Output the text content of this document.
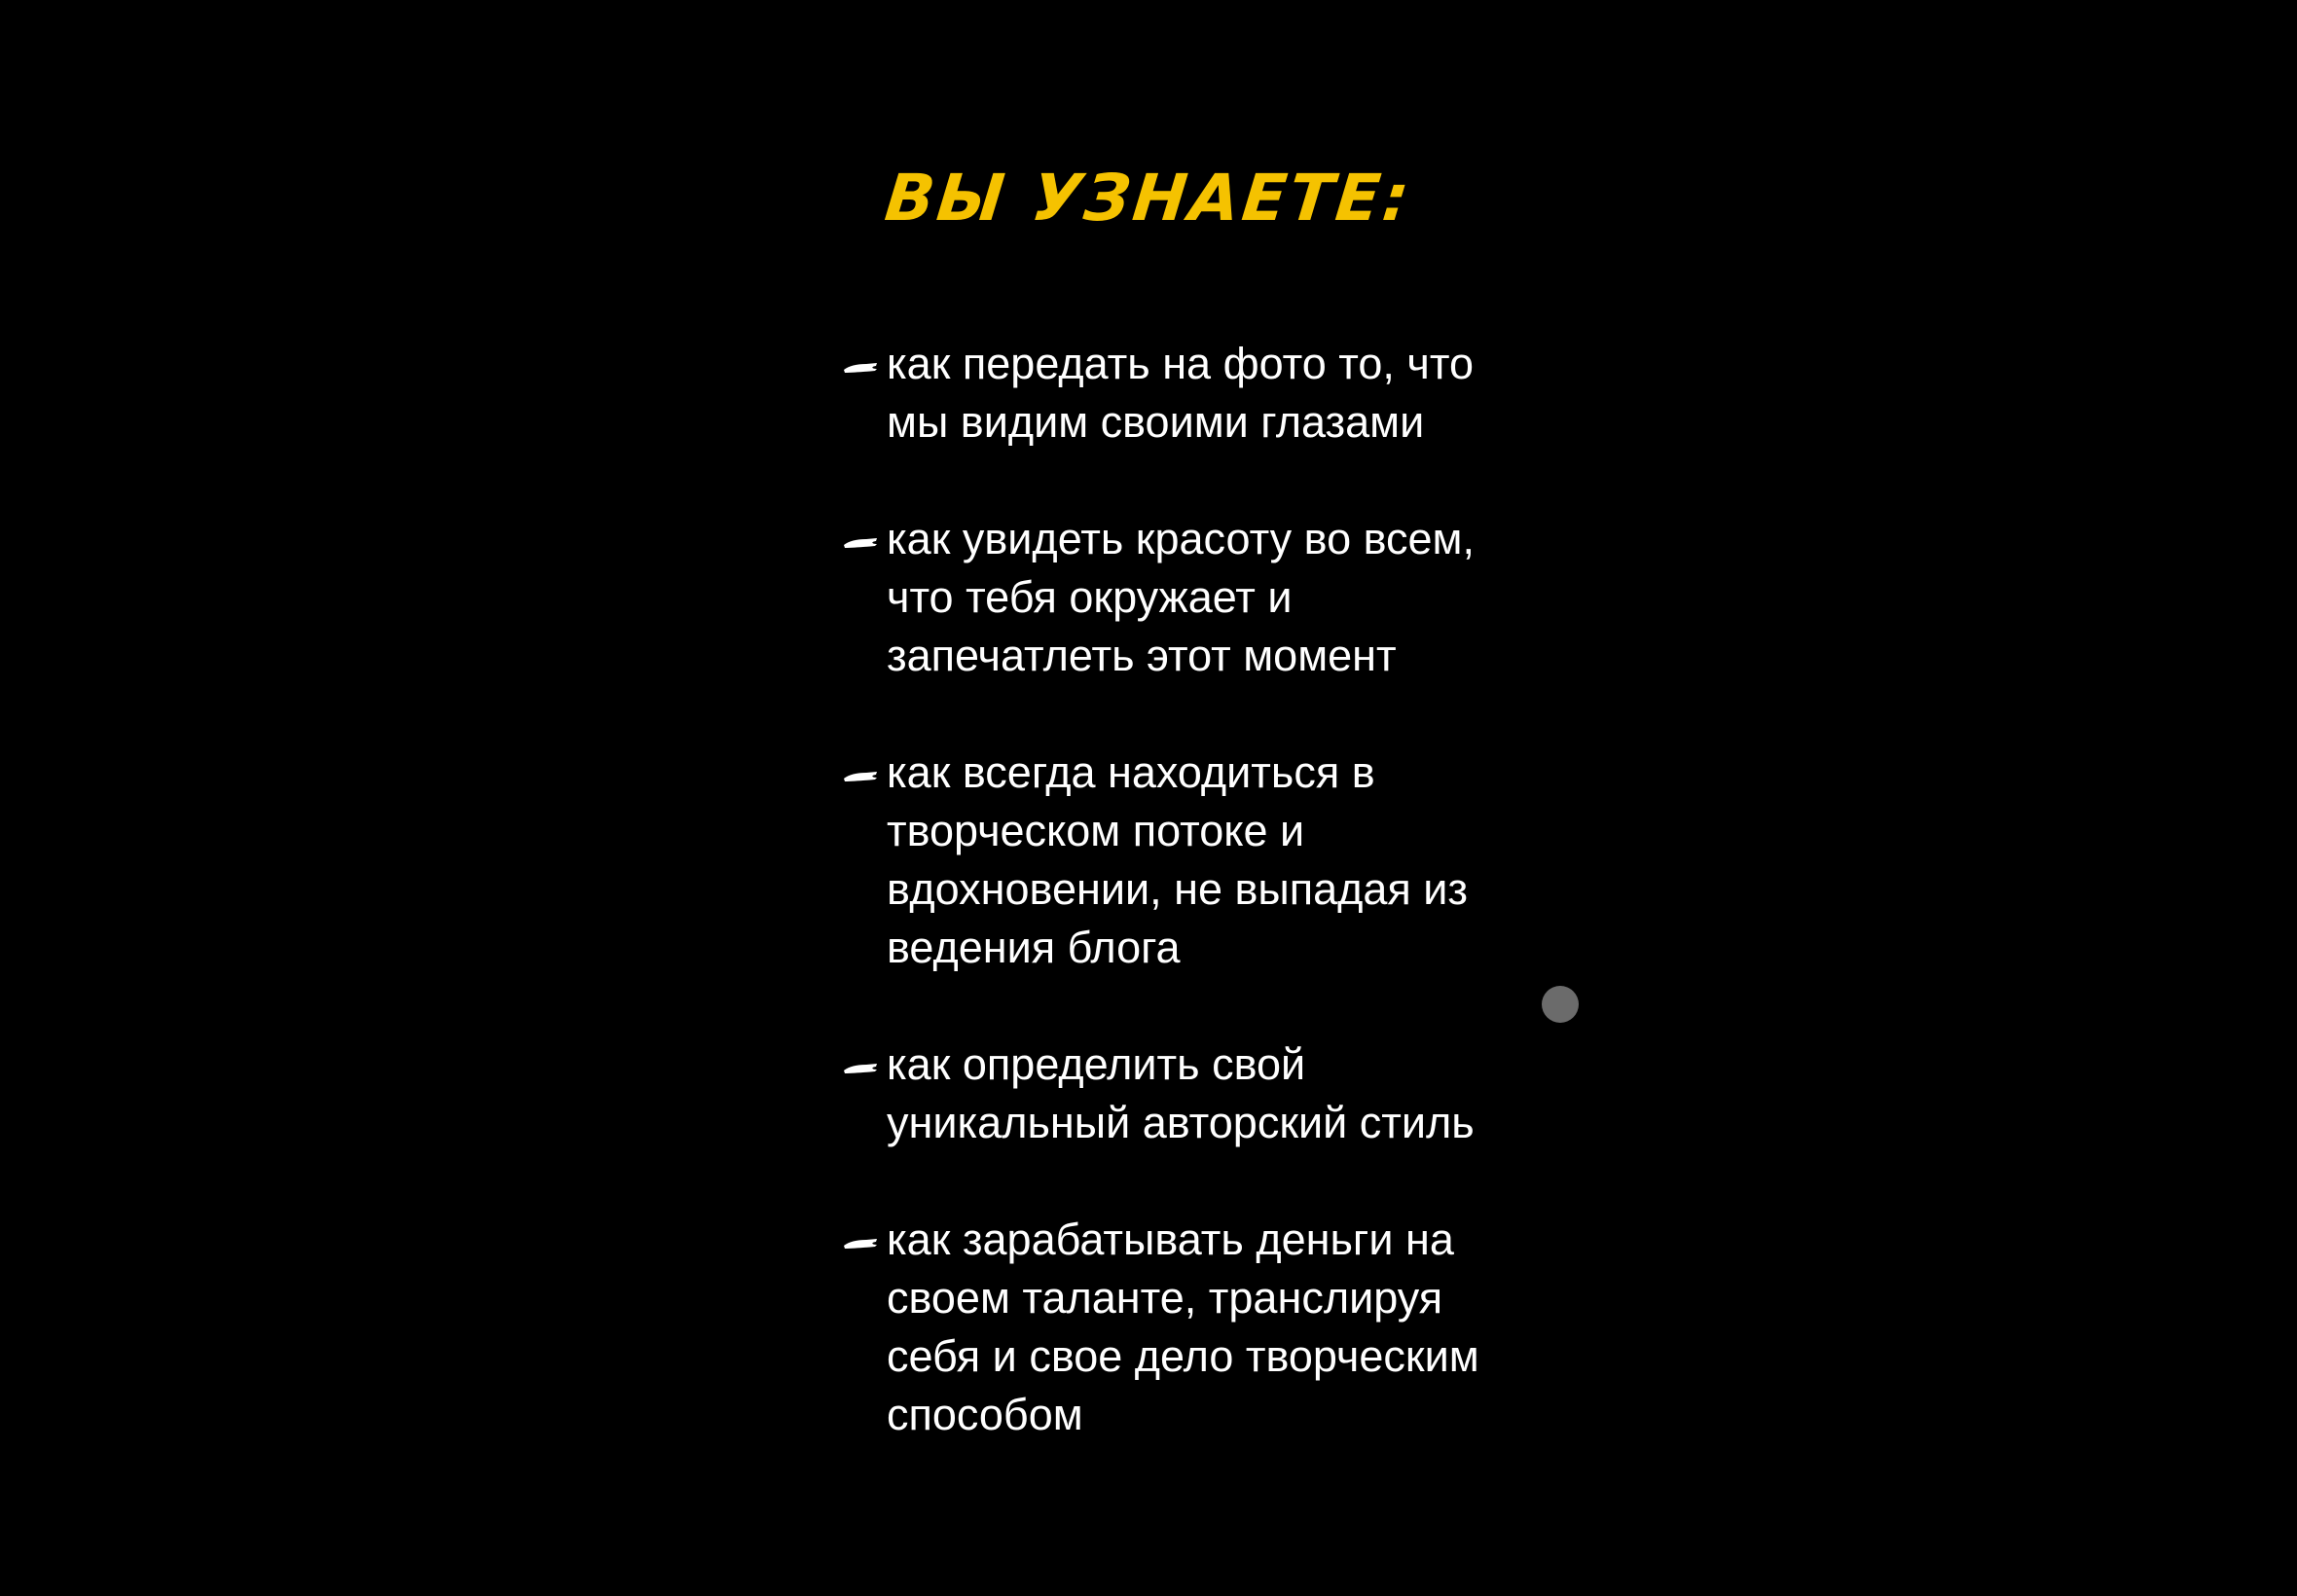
ВЫ УЗНАЕТЕ:
как передать на фото то, что мы видим своими глазами
как увидеть красоту во всем, что тебя окружает и запечатлеть этот момент
как всегда находиться в творческом потоке и вдохновении, не выпадая из ведения блога
как определить свой уникальный авторский стиль
как зарабатывать деньги на своем таланте, транслируя себя и свое дело творческим способом
